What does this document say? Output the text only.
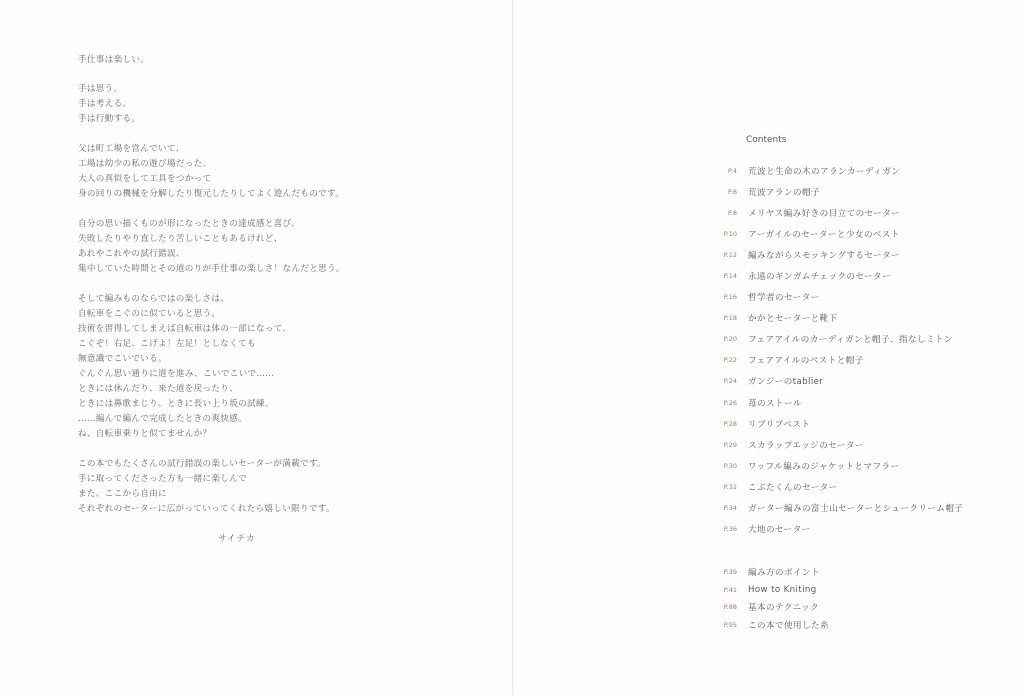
手仕事は楽しい。
手は思う。
手は考える。
手は行動する。
父は町工場を営んでいて、
工場は幼少の私の遊び場だった。
大人の真似をして工具をつかって
身の回りの機械を分解したり復元したりしてよく遊んだものです。
自分の思い描くものが形になったときの達成感と喜び、
失敗したりやり直したり苦しいこともあるけれど、
あれやこれやの試行錯誤、
集中していた時間とその道のりが手仕事の楽しさ！なんだと思う。
そして編みものならではの楽しさは、
自転車をこぐのに似ていると思う。
技術を習得してしまえば自転車は体の一部になって、
こぐぞ！右足、こげよ！左足！としなくても
無意識でこいでいる。
ぐんぐん思い通りに道を進み、こいでこいで……
ときには休んだり、来た道を戻ったり、
ときには鼻歌まじり、ときに長い上り坂の試練。
……編んで編んで完成したときの爽快感。
ね、自転車乗りと似てませんか？
この本でもたくさんの試行錯誤の楽しいセーターが満載です。
手に取ってくださった方も一緒に楽しんで
また、ここから自由に
それぞれのセーターに広がっていってくれたら嬉しい限りです。
サイチカ
Contents
P.4 荒波と生命の木のアランカーディガン
P.6 荒波アランの帽子
P.8 メリヤス編み好きの目立てのセーター
P.10 アーガイルのセーターと少女のベスト
P.12 編みながらスモッキングするセーター
P.14 永遠のギンガムチェックのセーター
P.16 哲学者のセーター
P.18 かかとセーターと靴下
P.20 フェアアイルのカーディガンと帽子、指なしミトン
P.22 フェアアイルのベストと帽子
P.24 ガンジーのtablier
P.26 苺のストール
P.28 リブリブベスト
P.29 スカラップエッジのセーター
P.30 ワッフル編みのジャケットとマフラー
P.32 こぶたくんのセーター
P.34 ガーター編みの富士山セーターとシュークリーム帽子
P.36 大地のセーター
P.39 編み方のポイント
P.41 How to Kniting
P.88 基本のテクニック
P.95 この本で使用した糸
